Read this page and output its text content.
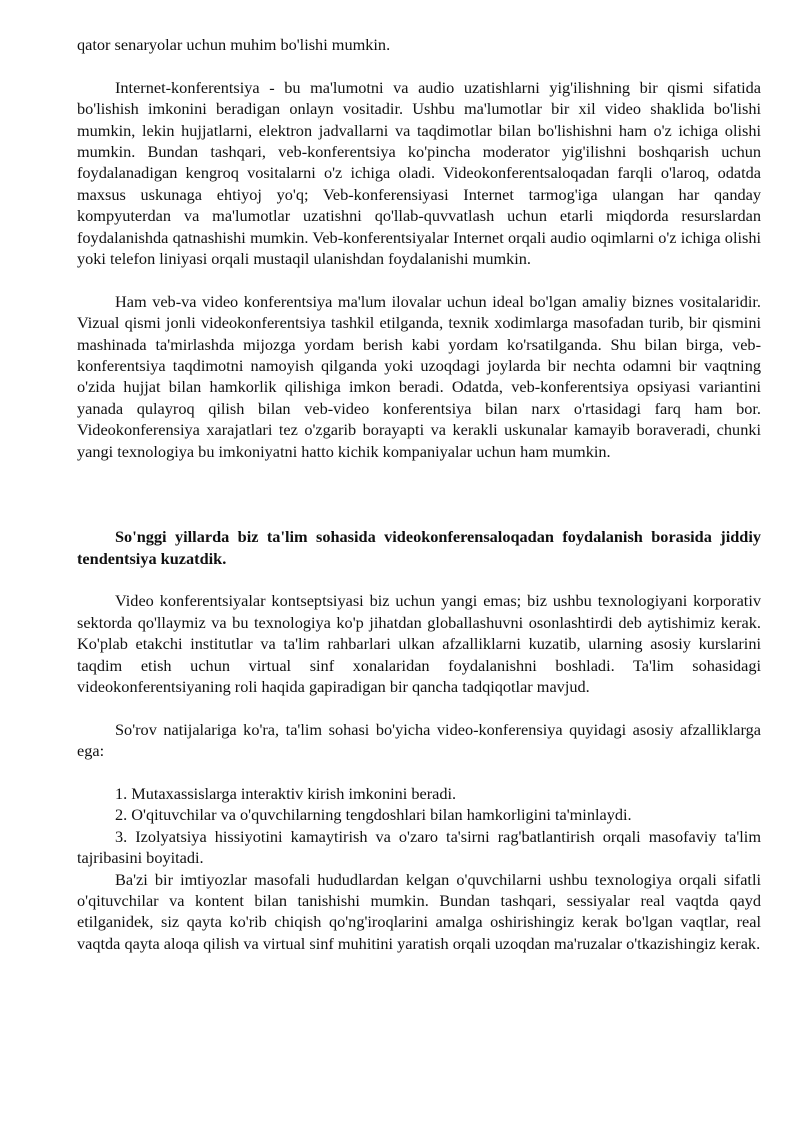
qator senaryolar uchun muhim bo'lishi mumkin.

Internet-konferentsiya - bu ma'lumotni va audio uzatishlarni yig'ilishning bir qismi sifatida bo'lishish imkonini beradigan onlayn vositadir. Ushbu ma'lumotlar bir xil video shaklida bo'lishi mumkin, lekin hujjatlarni, elektron jadvallarni va taqdimotlar bilan bo'lishishni ham o'z ichiga olishi mumkin. Bundan tashqari, veb-konferentsiya ko'pincha moderator yig'ilishni boshqarish uchun foydalanadigan kengroq vositalarni o'z ichiga oladi. Videokonferentsaloqadan farqli o'laroq, odatda maxsus uskunaga ehtiyoj yo'q; Veb-konferensiyasi Internet tarmog'iga ulangan har qanday kompyuterdan va ma'lumotlar uzatishni qo'llab-quvvatlash uchun etarli miqdorda resurslardan foydalanishda qatnashishi mumkin. Veb-konferentsiyalar Internet orqali audio oqimlarni o'z ichiga olishi yoki telefon liniyasi orqali mustaqil ulanishdan foydalanishi mumkin.

Ham veb-va video konferentsiya ma'lum ilovalar uchun ideal bo'lgan amaliy biznes vositalaridir. Vizual qismi jonli videokonferentsiya tashkil etilganda, texnik xodimlarga masofadan turib, bir qismini mashinada ta'mirlashda mijozga yordam berish kabi yordam ko'rsatilganda. Shu bilan birga, veb-konferentsiya taqdimotni namoyish qilganda yoki uzoqdagi joylarda bir nechta odamni bir vaqtning o'zida hujjat bilan hamkorlik qilishiga imkon beradi. Odatda, veb-konferentsiya opsiyasi variantini yanada qulayroq qilish bilan veb-video konferentsiya bilan narx o'rtasidagi farq ham bor. Videokonferensiya xarajatlari tez o'zgarib borayapti va kerakli uskunalar kamayib boraveradi, chunki yangi texnologiya bu imkoniyatni hatto kichik kompaniyalar uchun ham mumkin.

So'nggi yillarda biz ta'lim sohasida videokonferensaloqadan foydalanish borasida jiddiy tendentsiya kuzatdik.

Video konferentsiyalar kontseptsiyasi biz uchun yangi emas; biz ushbu texnologiyani korporativ sektorda qo'llaymiz va bu texnologiya ko'p jihatdan globallashuvni osonlashtirdi deb aytishimiz kerak. Ko'plab etakchi institutlar va ta'lim rahbarlari ulkan afzalliklarni kuzatib, ularning asosiy kurslarini taqdim etish uchun virtual sinf xonalaridan foydalanishni boshladi. Ta'lim sohasidagi videokonferentsiyaning roli haqida gapiradigan bir qancha tadqiqotlar mavjud.

So'rov natijalariga ko'ra, ta'lim sohasi bo'yicha video-konferensiya quyidagi asosiy afzalliklarga ega:

1. Mutaxassislarga interaktiv kirish imkonini beradi.

2. O'qituvchilar va o'quvchilarning tengdoshlari bilan hamkorligini ta'minlaydi.

3. Izolyatsiya hissiyotini kamaytirish va o'zaro ta'sirni rag'batlantirish orqali masofaviy ta'lim tajribasini boyitadi.

Ba'zi bir imtiyozlar masofali hududlardan kelgan o'quvchilarni ushbu texnologiya orqali sifatli o'qituvchilar va kontent bilan tanishishi mumkin. Bundan tashqari, sessiyalar real vaqtda qayd etilganidek, siz qayta ko'rib chiqish qo'ng'iroqlarini amalga oshirishingiz kerak bo'lgan vaqtlar, real vaqtda qayta aloqa qilish va virtual sinf muhitini yaratish orqali uzoqdan ma'ruzalar o'tkazishingiz kerak.
